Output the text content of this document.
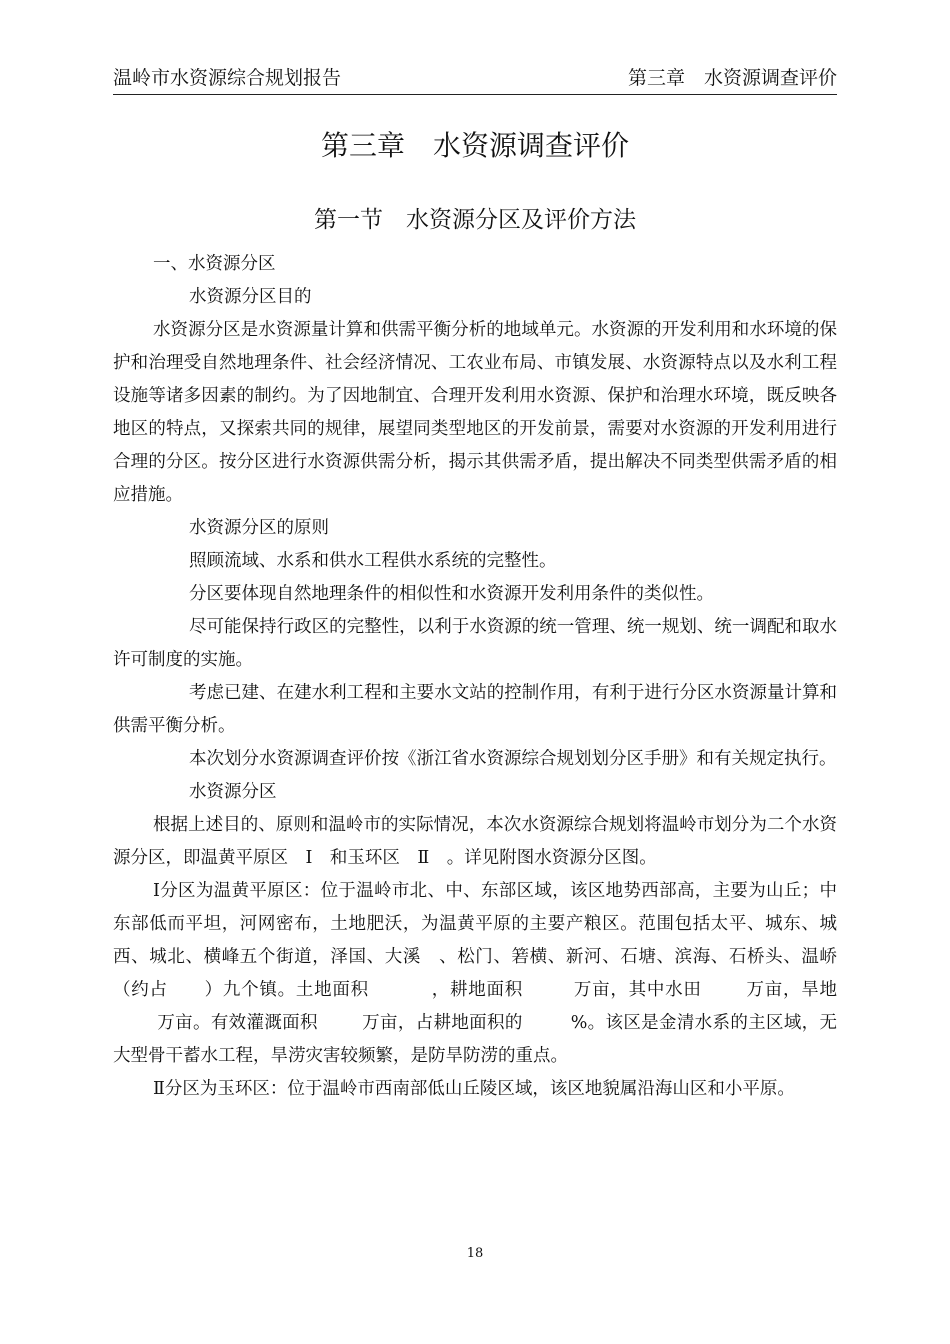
温岭市水资源综合规划报告	第三章　水资源调查评价
第三章　水资源调查评价
第一节　水资源分区及评价方法

一、水资源分区

水资源分区目的

水资源分区是水资源量计算和供需平衡分析的地域单元。水资源的开发利用和水环境的保护和治理受自然地理条件、社会经济情况、工农业布局、市镇发展、水资源特点以及水利工程设施等诸多因素的制约。为了因地制宜、合理开发利用水资源、保护和治理水环境，既反映各地区的特点，又探索共同的规律，展望同类型地区的开发前景，需要对水资源的开发利用进行合理的分区。按分区进行水资源供需分析，揭示其供需矛盾，提出解决不同类型供需矛盾的相应措施。

水资源分区的原则

照顾流域、水系和供水工程供水系统的完整性。

分区要体现自然地理条件的相似性和水资源开发利用条件的类似性。

尽可能保持行政区的完整性，以利于水资源的统一管理、统一规划、统一调配和取水许可制度的实施。

考虑已建、在建水利工程和主要水文站的控制作用，有利于进行分区水资源量计算和供需平衡分析。

本次划分水资源调查评价按《浙江省水资源综合规划划分区手册》和有关规定执行。

水资源分区

根据上述目的、原则和温岭市的实际情况，本次水资源综合规划将温岭市划分为二个水资源分区，即温黄平原区　Ⅰ　和玉环区　Ⅱ　。详见附图水资源分区图。

Ⅰ分区为温黄平原区：位于温岭市北、中、东部区域，该区地势西部高，主要为山丘；中东部低而平坦，河网密布，土地肥沃，为温黄平原的主要产粮区。范围包括太平、城东、城西、城北、横峰五个街道，泽国、大溪　、松门、箬横、新河、石塘、滨海、石桥头、温峤（约占 ）九个镇。土地面积	，耕地面积	万亩，其中水田	万亩，旱地万亩。有效灌溉面积	万亩，占耕地面积的	%。该区是金清水系的主区域，无大型骨干蓄水工程，旱涝灾害较频繁，是防旱防涝的重点。

Ⅱ分区为玉环区：位于温岭市西南部低山丘陵区域，该区地貌属沿海山区和小平原。

18
